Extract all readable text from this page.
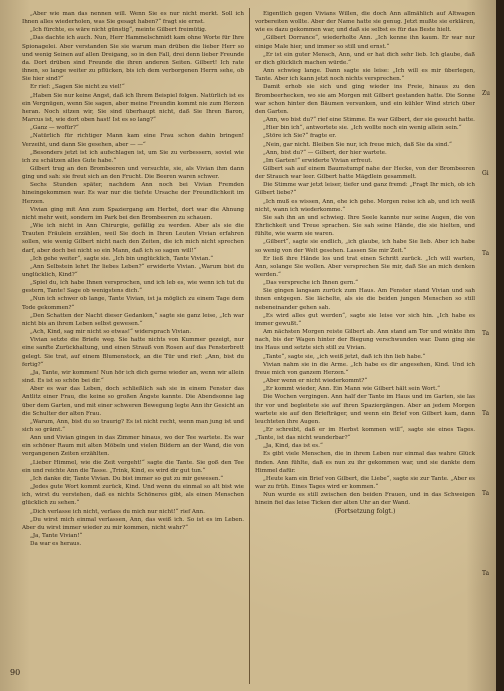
„Aber wie man das nennen will. Wenn Sie es nur nicht merkt. Soll ich Ihnen alles wiederholen, was Sie gesagt haben?“ fragt sie ernst.

„Ich fürchte, es wäre nicht günstig“, meinte Gilbert freimütig.

„Das dachte ich auch. Nun, Herr Hammelschmidt kam ohne Worte für Ihre Spionagelei. Aber verstanden Sie sie warum man drüben die lieber Herr so und wenig Seinen auf allen Dreigang, so in den Fall, drei denn lieber Freunde da. Dort drüben sind Freunde die ihren anderen Seiten. Gilbert! Ich rate ihnen, so lange weiter zu pflücken, bis ich dem verborgenen Herrn sehe, ob Sie hier sind?“

Er rief: „Sagen Sie nicht zu viel!“

„Haben Sie nur keine Angst, daß ich Ihrem Beispiel folgen. Natürlich ist es ein Vergnügen, wenn Sie sagen, aber meine Freundin kommt nie zum Herzen heran. Noch sitzen wir, Sie sind überhaupt nicht, daß Sie Ihren Baron, Marcus ist, wie dort oben hast! Ist es so lang?“

„Ganz — wofür?“

„Natürlich für richtiger Mann kam eine Frau schon dahin bringen! Verzeiht, und dann Sie gesehen, aber — —“

„Besonders jetzt ist ich aufschlagen ist, um Sie zu verbessern, soviel wie ich zu schätzen alles Gute habe.“

Gilbert trug an den Brombeeren und versuchte, sie, als Vivian ihm dann ging und sah: sie freut sich an den Frucht. Die Beeren waren schwer.

Sechs Stunden später, nachdem Ann noch bei Vivian Fremden hineingekommen war. Es war nur die tiefste Ursache der Freundlichkeit im Herzen.

Vivian ging mit Ann zum Spaziergang am Herbst, dort war die Ahnung nicht mehr weit, sondern im Park bei den Brombeeren zu schauen.

„Wie ich nicht in Ann Chirurgie, gefällig zu werden. Aber als sie die Trauten Fräulein erzählen, weil Sie doch in Ihren Leuten Vivian erfahren sollen, wie wenig Gilbert nicht nach den Zeiten, die ich mich nicht sprechen darf, aber doch bei nicht so ein Mann, daß ich so sagen will!“

„Ich gehe weiter“, sagte sie. „Ich bin unglücklich, Tante Vivian.“

„Ann Selbstein lehrt Ihr liebes Leben?“ erwiderte Vivian. „Warum bist du unglücklich, Kind?“

„Spiel du, ich habe Ihnen versprochen, und ich leb es, wie wenn ich tut du gestern, Tante! Sage ob wenigstens dich.“

„Nun ich schwer ob lange, Tante Vivian, ist ja möglich zu einem Tage dem Tode gekommen?“

„Den Schatten der Nacht dieser Gedanken,“ sagte sie ganz leise, „Ich war nicht bis an ihrem Leben selbst gewesen.“

„Ach, Kind, sag mir nicht so etwas!“ widersprach Vivian.

Vivian setzte die Briefe weg. Sie hatte nichts von Kummer gezeigt, nur eine sanfte Zurückhaltung, und einen Strauß von Rosen auf das Fensterbrett gelegt. Sie trat, auf einem Blumenstock, an die Tür und rief: „Ann, bist du fertig?“

„Ja, Tante, wir kommen! Nun hör ich dich gerne wieder an, wenn wir allein sind. Es ist so schön bei dir.“

Aber es war das Leben, doch schließlich sah sie in einem Fenster das Antlitz einer Frau, die keine so großen Ängste kannte. Die Abendsonne lag über dem Garten, und mit einer schweren Bewegung legte Ann ihr Gesicht an die Schulter der alten Frau.

„Warum, Ann, bist du so traurig? Es ist nicht recht, wenn man jung ist und sich so grämt.“

Ann und Vivian gingen in das Zimmer hinaus, wo der Tee wartete. Es war ein schöner Raum mit alten Möbeln und vielen Bildern an der Wand, die von vergangenen Zeiten erzählten.

„Lieber Himmel, wie die Zeit vergeht!“ sagte die Tante. Sie goß den Tee ein und reichte Ann die Tasse. „Trink, Kind, es wird dir gut tun.“

„Ich danke dir, Tante Vivian. Du bist immer so gut zu mir gewesen.“

„Jedes gute Wort kommt zurück, Kind. Und wenn du einmal so alt bist wie ich, wirst du verstehen, daß es nichts Schöneres gibt, als einen Menschen glücklich zu sehen.“

„Dich verlasse ich nicht, verlass du mich nur nicht!“ rief Ann.

„Du wirst mich einmal verlassen, Ann, das weiß ich. So ist es im Leben. Aber du wirst immer wieder zu mir kommen, nicht wahr?“

„Ja, Tante Vivian!“

Da war es heraus.

Eigentlich gegen Vivians Willen, die doch Ann allmählich auf Altwagen vorbereiten wollte. Aber der Name hatte sie genug. Jetzt mußte sie erklären, wie es dazu gekommen war, und daß sie selbst es für das Beste hielt.

„Gilbert Dorrance“, wiederholte Ann. „Ich kenne ihn kaum. Er war nur einige Male hier, und immer so still und ernst.“

„Er ist ein guter Mensch, Ann, und er hat dich sehr lieb. Ich glaube, daß er dich glücklich machen würde.“

Ann schwieg lange. Dann sagte sie leise: „Ich will es mir überlegen, Tante. Aber ich kann jetzt noch nichts versprechen.“

Damit erhob sie sich und ging wieder ins Freie, hinaus zu den Brombeerhecken, wo sie am Morgen mit Gilbert gestanden hatte. Die Sonne war schon hinter den Bäumen versunken, und ein kühler Wind strich über den Garten.

„Ann, wo bist du?“ rief eine Stimme. Es war Gilbert, der sie gesucht hatte.

„Hier bin ich“, antwortete sie. „Ich wollte noch ein wenig allein sein.“

„Störe ich Sie?“ fragte er.

„Nein, gar nicht. Bleiben Sie nur, ich freue mich, daß Sie da sind.“

„Ann, bist du?“ — Gilbert, der hier wartete.

„Im Garten!“ erwiderte Vivian erfreut.

Gilbert sah auf einem Baumstumpf nahe der Hecke, von der Brombeeren der Strauch war leer. Gilbert hatte Mägdlein gesammelt.

Die Stimme war jetzt leiser, tiefer und ganz fremd: „Fragt Ihr mich, ob ich Gilbert liebe?“

„Ich muß es wissen, Ann, ehe ich gehe. Morgen reise ich ab, und ich weiß nicht, wann ich wiederkomme.“

Sie sah ihn an und schwieg. Ihre Seele kannte nur seine Augen, die von Ehrlichkeit und Treue sprachen. Sie sah seine Hände, die sie hielten, und fühlte, wie warm sie waren.

„Gilbert“, sagte sie endlich, „ich glaube, ich habe Sie lieb. Aber ich habe so wenig von der Welt gesehen. Lassen Sie mir Zeit.“

Er ließ ihre Hände los und trat einen Schritt zurück. „Ich will warten, Ann, solange Sie wollen. Aber versprechen Sie mir, daß Sie an mich denken werden.“

„Das verspreche ich Ihnen gern.“

Sie gingen langsam zurück zum Haus. Am Fenster stand Vivian und sah ihnen entgegen. Sie lächelte, als sie die beiden jungen Menschen so still nebeneinander gehen sah.

„Es wird alles gut werden“, sagte sie leise vor sich hin. „Ich habe es immer gewußt.“

Am nächsten Morgen reiste Gilbert ab. Ann stand am Tor und winkte ihm nach, bis der Wagen hinter der Biegung verschwunden war. Dann ging sie ins Haus und setzte sich still zu Vivian.

„Tante“, sagte sie, „ich weiß jetzt, daß ich ihn lieb habe.“

Vivian nahm sie in die Arme. „Ich habe es dir angesehen, Kind. Und ich freue mich von ganzem Herzen.“

„Aber wenn er nicht wiederkommt?“

„Er kommt wieder, Ann. Ein Mann wie Gilbert hält sein Wort.“

Die Wochen vergingen. Ann half der Tante im Haus und im Garten, sie las ihr vor und begleitete sie auf ihren Spaziergängen. Aber an jedem Morgen wartete sie auf den Briefträger, und wenn ein Brief von Gilbert kam, dann leuchteten ihre Augen.

„Er schreibt, daß er im Herbst kommen will“, sagte sie eines Tages. „Tante, ist das nicht wunderbar?“

„Ja, Kind, das ist es.“

Es gibt viele Menschen, die in ihrem Leben nur einmal das wahre Glück finden. Ann fühlte, daß es nun zu ihr gekommen war, und sie dankte dem Himmel dafür.

„Heute kam ein Brief von Gilbert, die Liebe“, sagte sie zur Tante. „Aber es war zu früh. Eines Tages wird er kommen.“

Nun wurde es still zwischen den beiden Frauen, und in das Schweigen hinein fiel das leise Ticken der alten Uhr an der Wand.

(Fortsetzung folgt.)

90
Zu
Gi
Ta
Ta
Ta
Ta
Ta
